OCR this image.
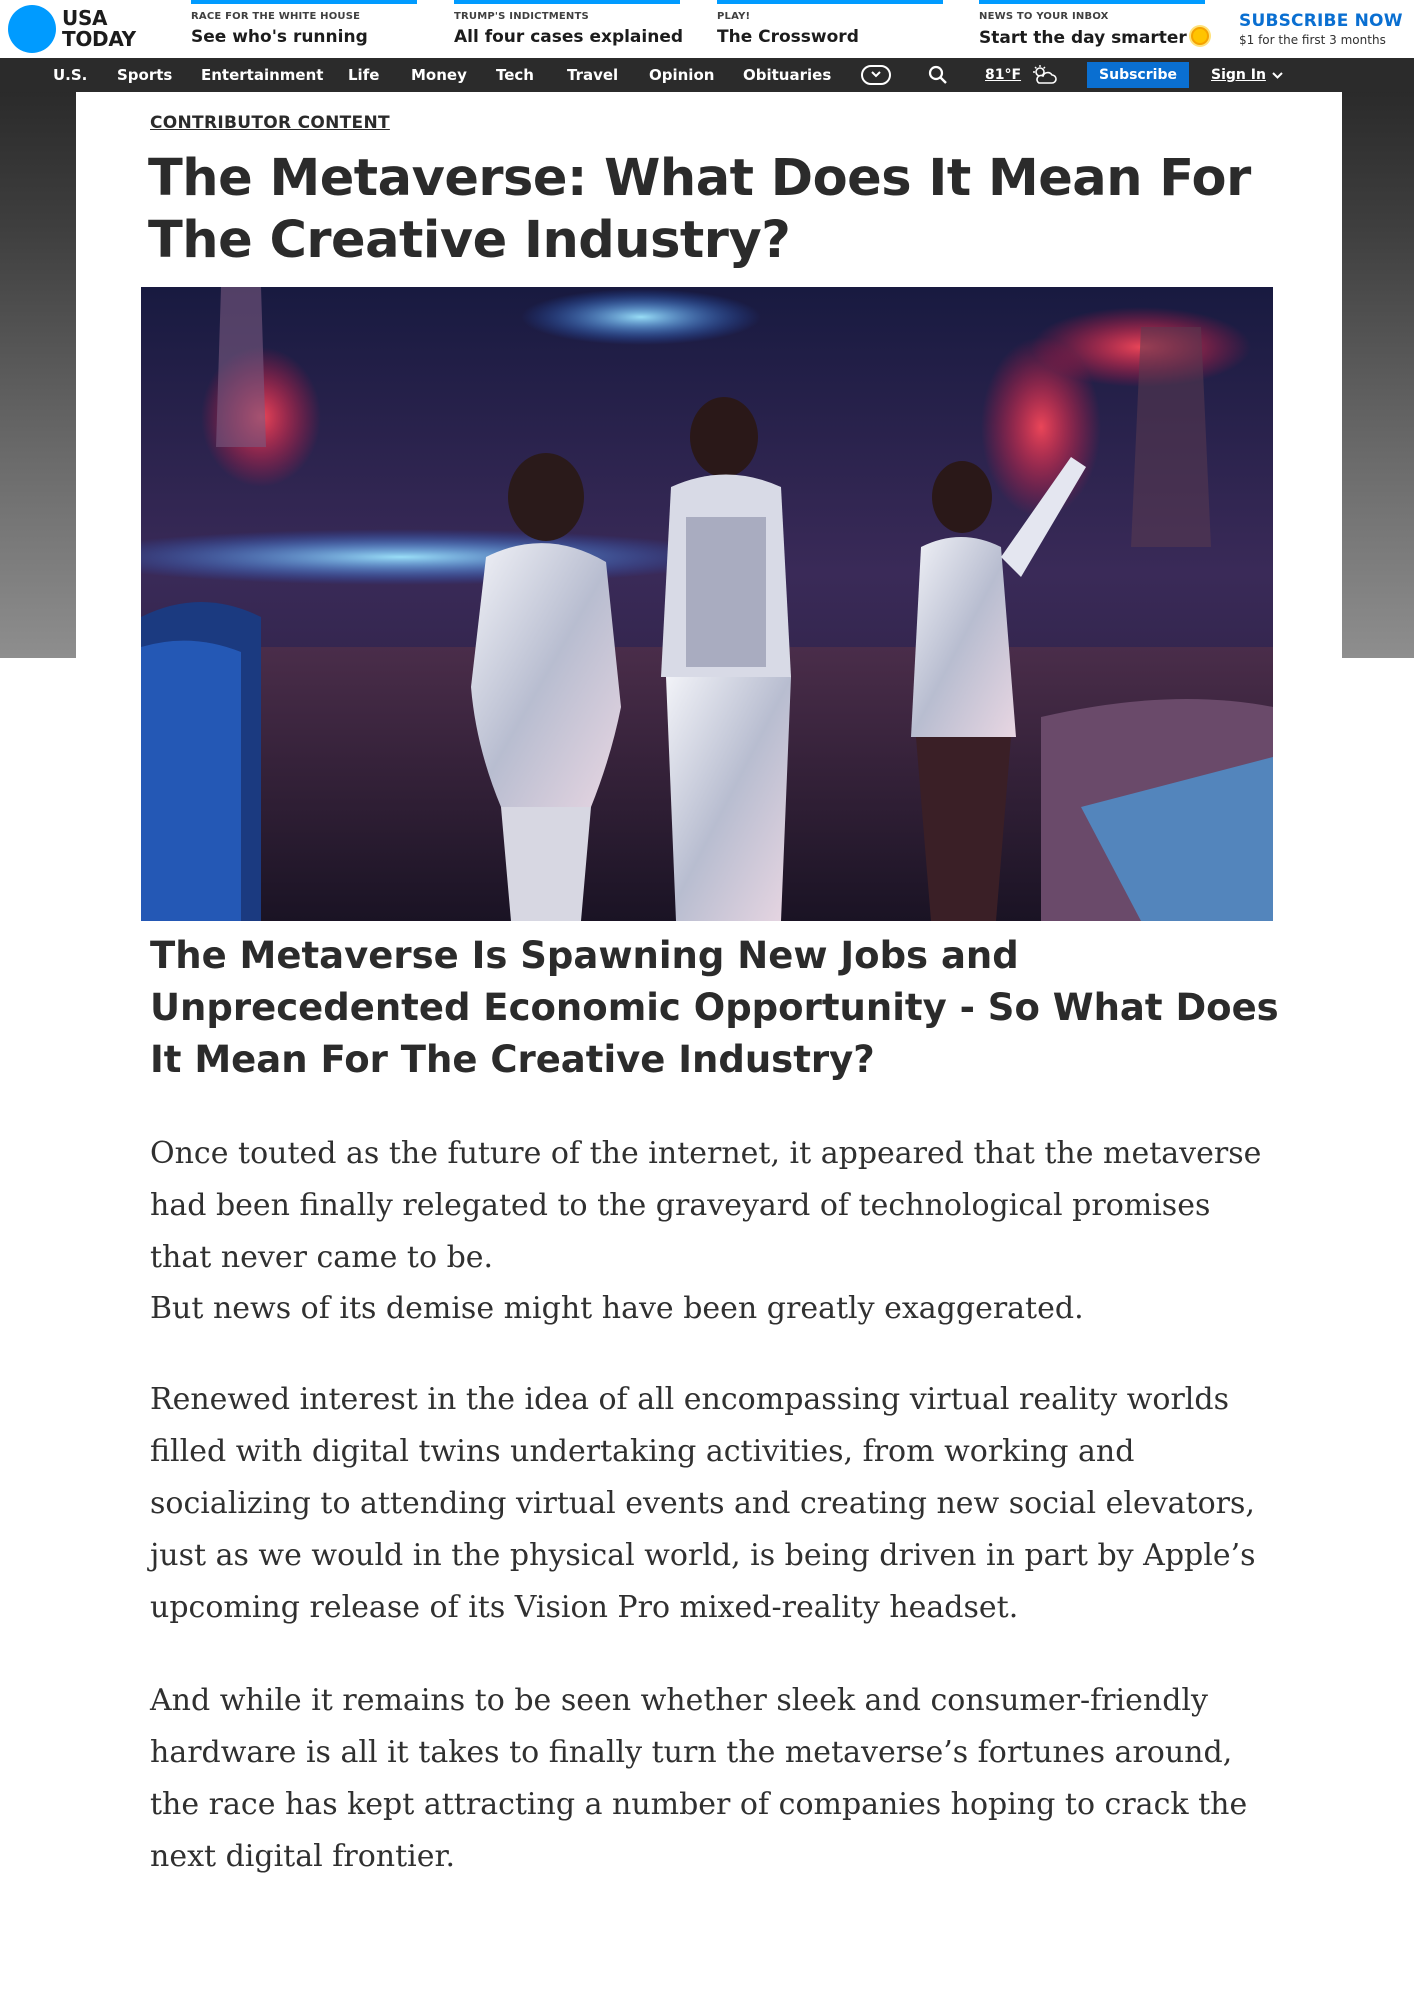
USA
TODAY
RACE FOR THE WHITE HOUSE
See who's running
TRUMP'S INDICTMENTS
All four cases explained
PLAY!
The Crossword
NEWS TO YOUR INBOX
Start the day smarter
SUBSCRIBE NOW
$1 for the first 3 months
U.S. Sports Entertainment Life Money Tech Travel Opinion Obituaries	81°F	Subscribe	Sign In
CONTRIBUTOR CONTENT
The Metaverse: What Does It Mean For The Creative Industry?
The Metaverse Is Spawning New Jobs and Unprecedented Economic Opportunity - So What Does It Mean For The Creative Industry?

Once touted as the future of the internet, it appeared that the metaverse had been finally relegated to the graveyard of technological promises that never came to be.

But news of its demise might have been greatly exaggerated.

Renewed interest in the idea of all encompassing virtual reality worlds filled with digital twins undertaking activities, from working and socializing to attending virtual events and creating new social elevators, just as we would in the physical world, is being driven in part by Apple’s upcoming release of its Vision Pro mixed-reality headset.

And while it remains to be seen whether sleek and consumer-friendly hardware is all it takes to finally turn the metaverse’s fortunes around, the race has kept attracting a number of companies hoping to crack the next digital frontier.
